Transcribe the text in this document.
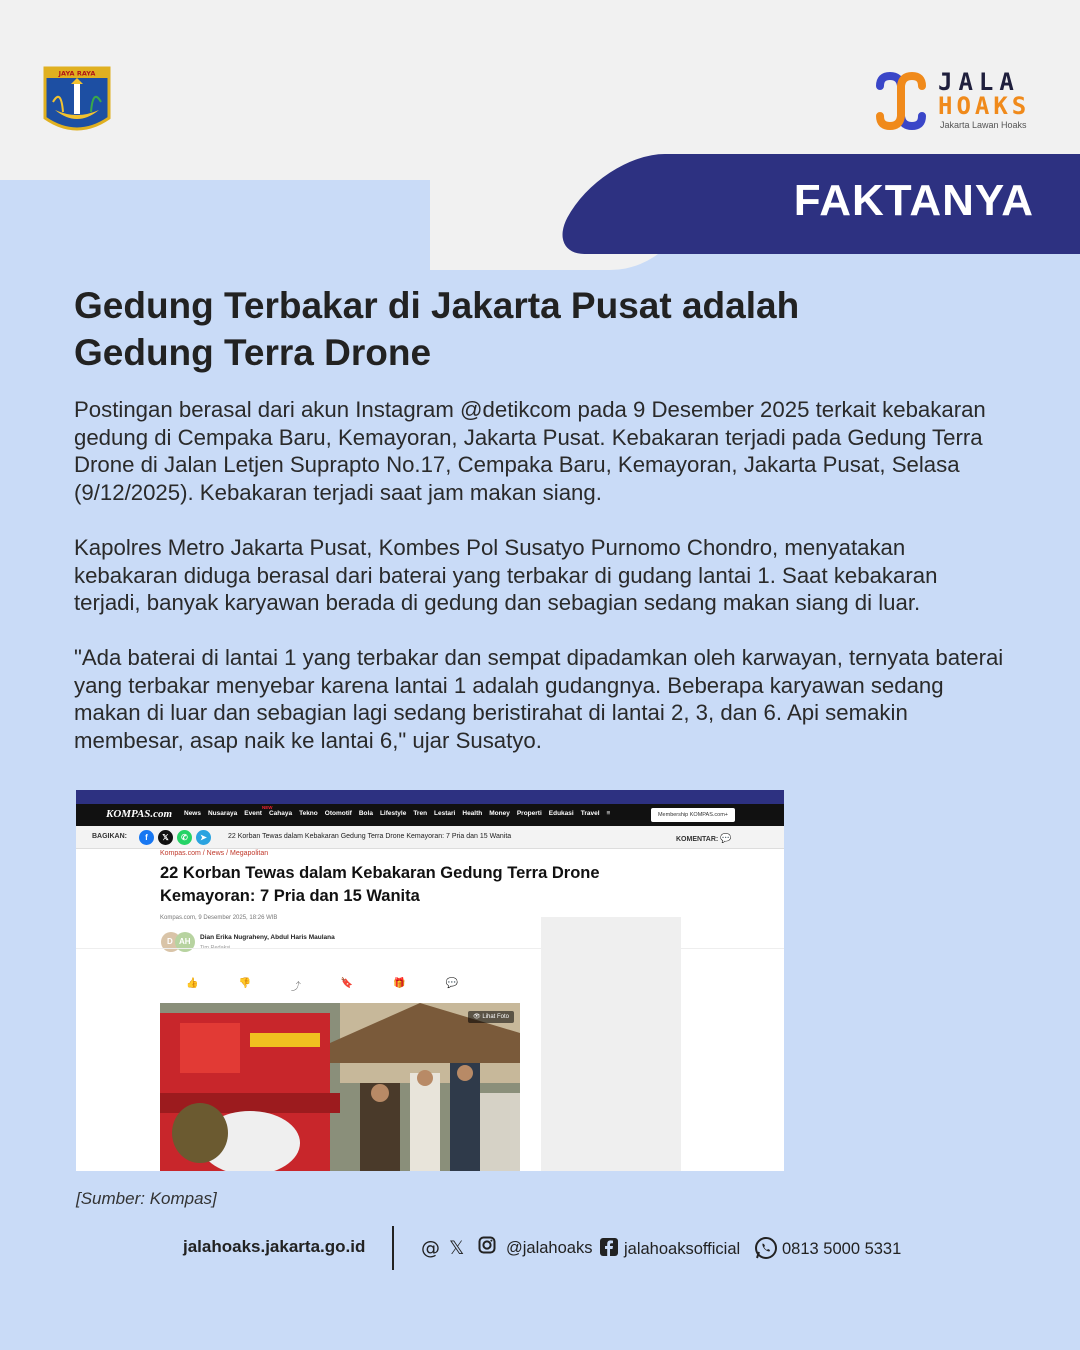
FAKTANYA
JAYA RAYA	JALA
HOAKS
Jakarta Lawan Hoaks
Gedung Terbakar di Jakarta Pusat adalah
Gedung Terra Drone

Postingan berasal dari akun Instagram @detikcom pada 9 Desember 2025 terkait kebakaran gedung di Cempaka Baru, Kemayoran, Jakarta Pusat. Kebakaran terjadi pada Gedung Terra Drone di Jalan Letjen Suprapto No.17, Cempaka Baru, Kemayoran, Jakarta Pusat, Selasa (9/12/2025). Kebakaran terjadi saat jam makan siang.

Kapolres Metro Jakarta Pusat, Kombes Pol Susatyo Purnomo Chondro, menyatakan kebakaran diduga berasal dari baterai yang terbakar di gudang lantai 1. Saat kebakaran terjadi, banyak karyawan berada di gedung dan sebagian sedang makan siang di luar.

"Ada baterai di lantai 1 yang terbakar dan sempat dipadamkan oleh karwayan, ternyata baterai yang terbakar menyebar karena lantai 1 adalah gudangnya. Beberapa karyawan sedang makan di luar dan sebagian lagi sedang beristirahat di lantai 2, 3, dan 6. Api semakin membesar, asap naik ke lantai 6," ujar Susatyo.

KOMPAS.com News Nusaraya Event Cahaya Tekno Otomotif Bola Lifestyle Tren Lestari Health Money Properti Edukasi Travel ≡
NEW
Membership KOMPAS.com+
BAGIKAN:	f	𝕏	✆	➤	22 Korban Tewas dalam Kebakaran Gedung Terra Drone Kemayoran: 7 Pria dan 15 Wanita	KOMENTAR: 💬
Kompas.com / News / Megapolitan
22 Korban Tewas dalam Kebakaran Gedung Terra Drone Kemayoran: 7 Pria dan 15 Wanita
Kompas.com, 9 Desember 2025, 18:26 WIB
D AH Dian Erika Nugraheny, Abdul Haris Maulana
👍	👎	⤴	🔖	🎁	💬
👁 Lihat Foto
[Sumber: Kompas]
jalahoaks.jakarta.go.id	@ 𝕏	@jalahoaks jalahoaksofficial	0813 5000 5331
